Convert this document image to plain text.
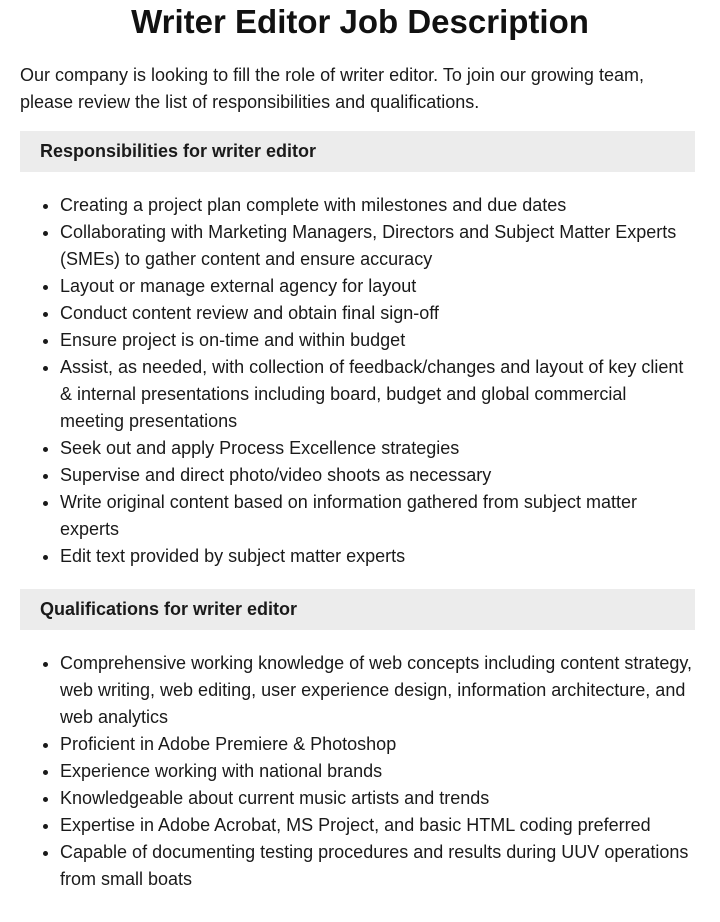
Writer Editor Job Description

Our company is looking to fill the role of writer editor. To join our growing team, please review the list of responsibilities and qualifications.

Responsibilities for writer editor
• Creating a project plan complete with milestones and due dates
• Collaborating with Marketing Managers, Directors and Subject Matter Experts (SMEs) to gather content and ensure accuracy
• Layout or manage external agency for layout
• Conduct content review and obtain final sign-off
• Ensure project is on-time and within budget
• Assist, as needed, with collection of feedback/changes and layout of key client & internal presentations including board, budget and global commercial meeting presentations
• Seek out and apply Process Excellence strategies
• Supervise and direct photo/video shoots as necessary
• Write original content based on information gathered from subject matter experts
• Edit text provided by subject matter experts
Qualifications for writer editor
• Comprehensive working knowledge of web concepts including content strategy, web writing, web editing, user experience design, information architecture, and web analytics
• Proficient in Adobe Premiere & Photoshop
• Experience working with national brands
• Knowledgeable about current music artists and trends
• Expertise in Adobe Acrobat, MS Project, and basic HTML coding preferred
• Capable of documenting testing procedures and results during UUV operations from small boats
